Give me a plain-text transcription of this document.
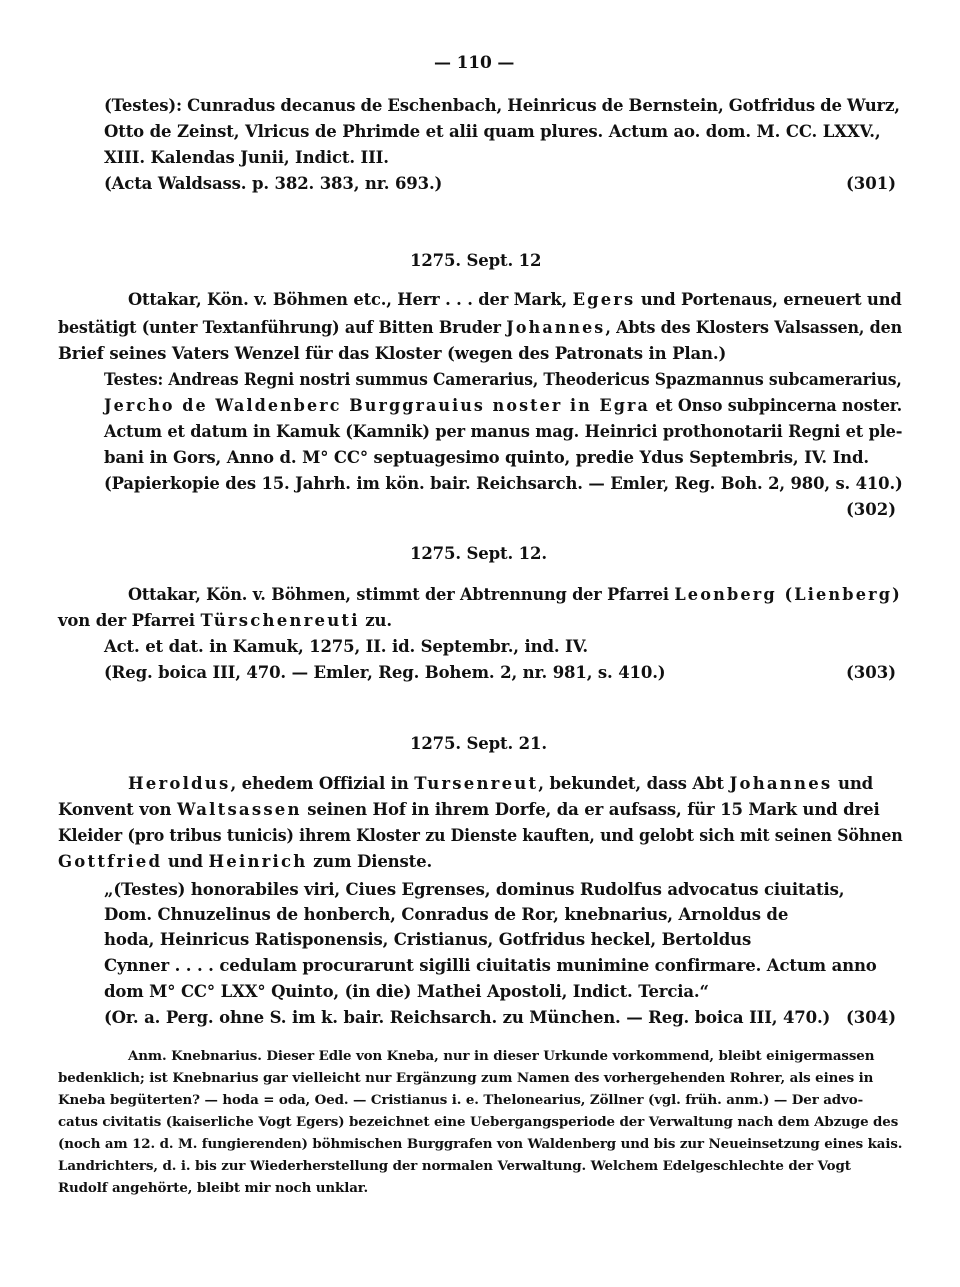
— 110 —
(Testes): Cunradus decanus de Eschenbach, Heinricus de Bernstein, Gotfridus de Wurz,
Otto de Zeinst, Vlricus de Phrimde et alii quam plures. Actum ao. dom. M. CC. LXXV.,
XIII. Kalendas Junii, Indict. III.
(Acta Waldsass. p. 382. 383, nr. 693.)	(301)
1275. Sept. 12
Ottakar, Kön. v. Böhmen etc., Herr . . . der Mark, Egers und Portenaus, erneuert und
bestätigt (unter Textanführung) auf Bitten Bruder Johannes, Abts des Klosters Valsassen, den
Brief seines Vaters Wenzel für das Kloster (wegen des Patronats in Plan.)
Testes: Andreas Regni nostri summus Camerarius, Theodericus Spazmannus subcamerarius,
Jercho de Waldenberc Burggrauius noster in Egra et Onso subpincerna noster.
Actum et datum in Kamuk (Kamnik) per manus mag. Heinrici prothonotarii Regni et ple-
bani in Gors, Anno d. M° CC° septuagesimo quinto, predie Ydus Septembris, IV. Ind.
(Papierkopie des 15. Jahrh. im kön. bair. Reichsarch. — Emler, Reg. Boh. 2, 980, s. 410.)
(302)
1275. Sept. 12.
Ottakar, Kön. v. Böhmen, stimmt der Abtrennung der Pfarrei Leonberg (Lienberg)
von der Pfarrei Türschenreuti zu.
Act. et dat. in Kamuk, 1275, II. id. Septembr., ind. IV.
(Reg. boica III, 470. — Emler, Reg. Bohem. 2, nr. 981, s. 410.)	(303)
1275. Sept. 21.
Heroldus, ehedem Offizial in Tursenreut, bekundet, dass Abt Johannes und
Konvent von Waltsassen seinen Hof in ihrem Dorfe, da er aufsass, für 15 Mark und drei
Kleider (pro tribus tunicis) ihrem Kloster zu Dienste kauften, und gelobt sich mit seinen Söhnen
Gottfried und Heinrich zum Dienste.
„(Testes) honorabiles viri, Ciues Egrenses, dominus Rudolfus advocatus ciuitatis,
Dom. Chnuzelinus de honberch, Conradus de Ror, knebnarius, Arnoldus de
hoda, Heinricus Ratisponensis, Cristianus, Gotfridus heckel, Bertoldus
Cynner . . . . cedulam procurarunt sigilli ciuitatis munimine confirmare. Actum anno
dom M° CC° LXX° Quinto, (in die) Mathei Apostoli, Indict. Tercia.“
(Or. a. Perg. ohne S. im k. bair. Reichsarch. zu München. — Reg. boica III, 470.) (304)
Anm. Knebnarius. Dieser Edle von Kneba, nur in dieser Urkunde vorkommend, bleibt einigermassen
bedenklich; ist Knebnarius gar vielleicht nur Ergänzung zum Namen des vorhergehenden Rohrer, als eines in
Kneba begüterten? — hoda = oda, Oed. — Cristianus i. e. Thelonearius, Zöllner (vgl. früh. anm.) — Der advo-
catus civitatis (kaiserliche Vogt Egers) bezeichnet eine Uebergangsperiode der Verwaltung nach dem Abzuge des
(noch am 12. d. M. fungierenden) böhmischen Burggrafen von Waldenberg und bis zur Neueinsetzung eines kais.
Landrichters, d. i. bis zur Wiederherstellung der normalen Verwaltung. Welchem Edelgeschlechte der Vogt
Rudolf angehörte, bleibt mir noch unklar.
